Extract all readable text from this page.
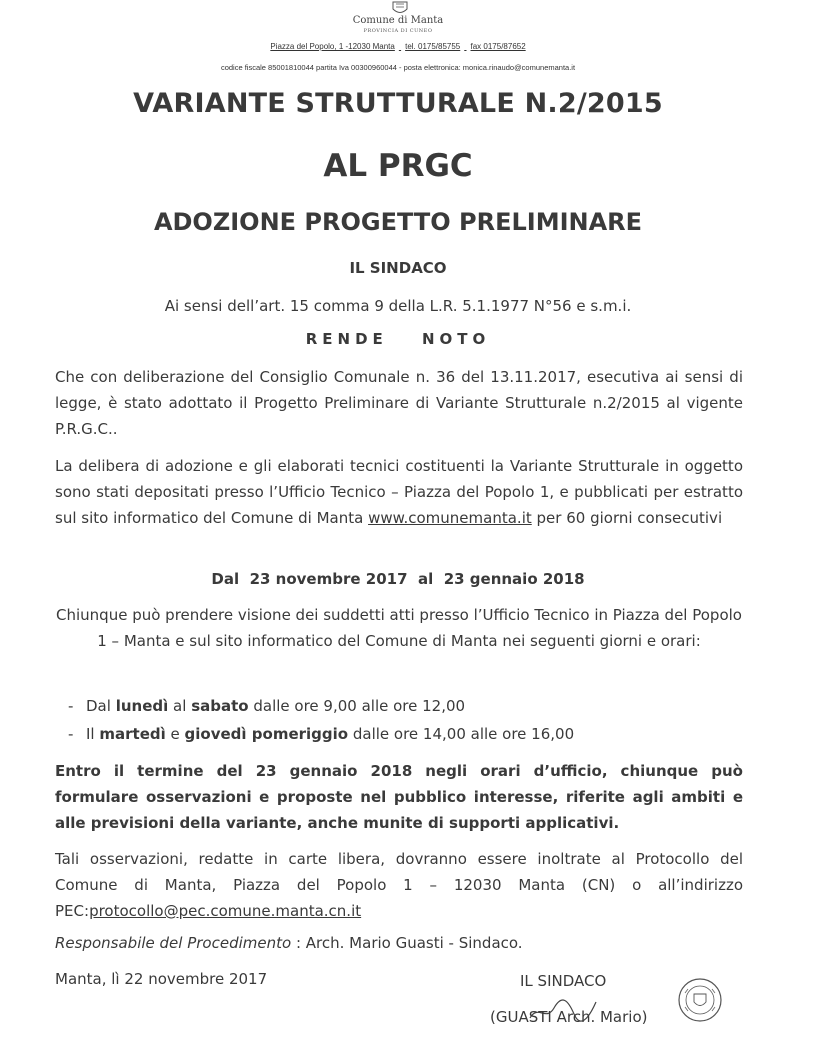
Comune di Manta
PROVINCIA DI CUNEO
Piazza del Popolo, 1 -12030 Manta tel. 0175/85755 fax 0175/87652
codice fiscale 85001810044 partita Iva 00300960044 - posta elettronica: monica.rinaudo@comunemanta.it
VARIANTE STRUTTURALE N.2/2015
AL PRGC
ADOZIONE PROGETTO PRELIMINARE
IL SINDACO
Ai sensi dell’art. 15 comma 9 della L.R. 5.1.1977 N°56 e s.m.i.
RENDE NOTO
Che con deliberazione del Consiglio Comunale n. 36 del 13.11.2017, esecutiva ai sensi di legge, è stato adottato il Progetto Preliminare di Variante Strutturale n.2/2015 al vigente P.R.G.C..
La delibera di adozione e gli elaborati tecnici costituenti la Variante Strutturale in oggetto sono stati depositati presso l’Ufficio Tecnico – Piazza del Popolo 1, e pubblicati per estratto sul sito informatico del Comune di Manta www.comunemanta.it per 60 giorni consecutivi
Dal 23 novembre 2017 al 23 gennaio 2018
Chiunque può prendere visione dei suddetti atti presso l’Ufficio Tecnico in Piazza del Popolo 1 – Manta e sul sito informatico del Comune di Manta nei seguenti giorni e orari:
- Dal lunedì al sabato dalle ore 9,00 alle ore 12,00
- Il martedì e giovedì pomeriggio dalle ore 14,00 alle ore 16,00
Entro il termine del 23 gennaio 2018 negli orari d’ufficio, chiunque può formulare osservazioni e proposte nel pubblico interesse, riferite agli ambiti e alle previsioni della variante, anche munite di supporti applicativi.
Tali osservazioni, redatte in carte libera, dovranno essere inoltrate al Protocollo del Comune di Manta, Piazza del Popolo 1 – 12030 Manta (CN) o all’indirizzo PEC:protocollo@pec.comune.manta.cn.it
Responsabile del Procedimento : Arch. Mario Guasti - Sindaco.
Manta, lì 22 novembre 2017	IL SINDACO
(GUASTI Arch. Mario)
